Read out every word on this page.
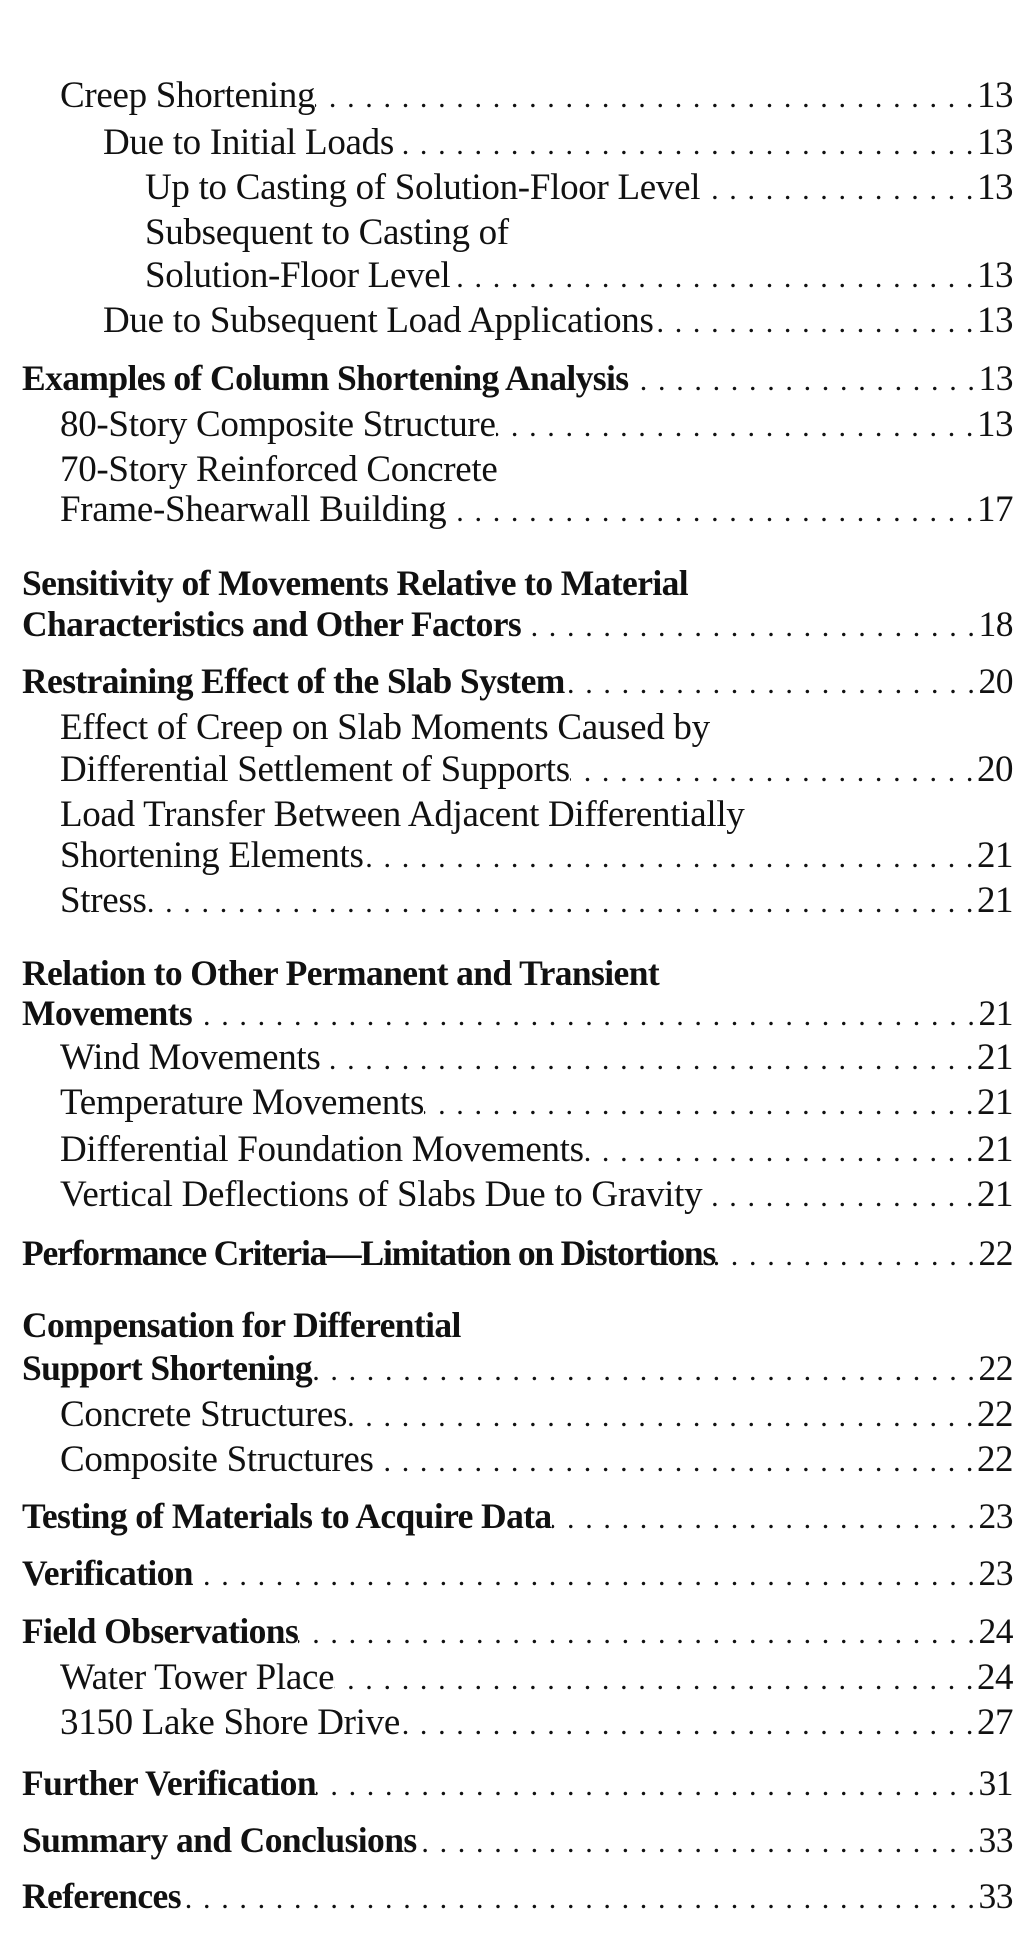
Creep Shortening . . .	13
Due to Initial Loads . . .	13
Up to Casting of Solution-Floor Level . . .	13
Subsequent to Casting of
Solution-Floor Level . . .	13
Due to Subsequent Load Applications . . .	13
Examples of Column Shortening Analysis . . .	13
80-Story Composite Structure . . .	13
70-Story Reinforced Concrete
Frame-Shearwall Building . . .	17
Sensitivity of Movements Relative to Material
Characteristics and Other Factors . . .	18
Restraining Effect of the Slab System . . .	20
Effect of Creep on Slab Moments Caused by
Differential Settlement of Supports . . .	20
Load Transfer Between Adjacent Differentially
Shortening Elements . . .	21
Stress . . .	21
Relation to Other Permanent and Transient
Movements . . .	21
Wind Movements . . .	21
Temperature Movements . . .	21
Differential Foundation Movements . . .	21
Vertical Deflections of Slabs Due to Gravity . . .	21
Performance Criteria—Limitation on Distortions . . .	22
Compensation for Differential
Support Shortening . . .	22
Concrete Structures . . .	22
Composite Structures . . .	22
Testing of Materials to Acquire Data . . .	23
Verification . . .	23
Field Observations . . .	24
Water Tower Place . . .	24
3150 Lake Shore Drive . . .	27
Further Verification . . .	31
Summary and Conclusions . . .	33
References . . .	33
